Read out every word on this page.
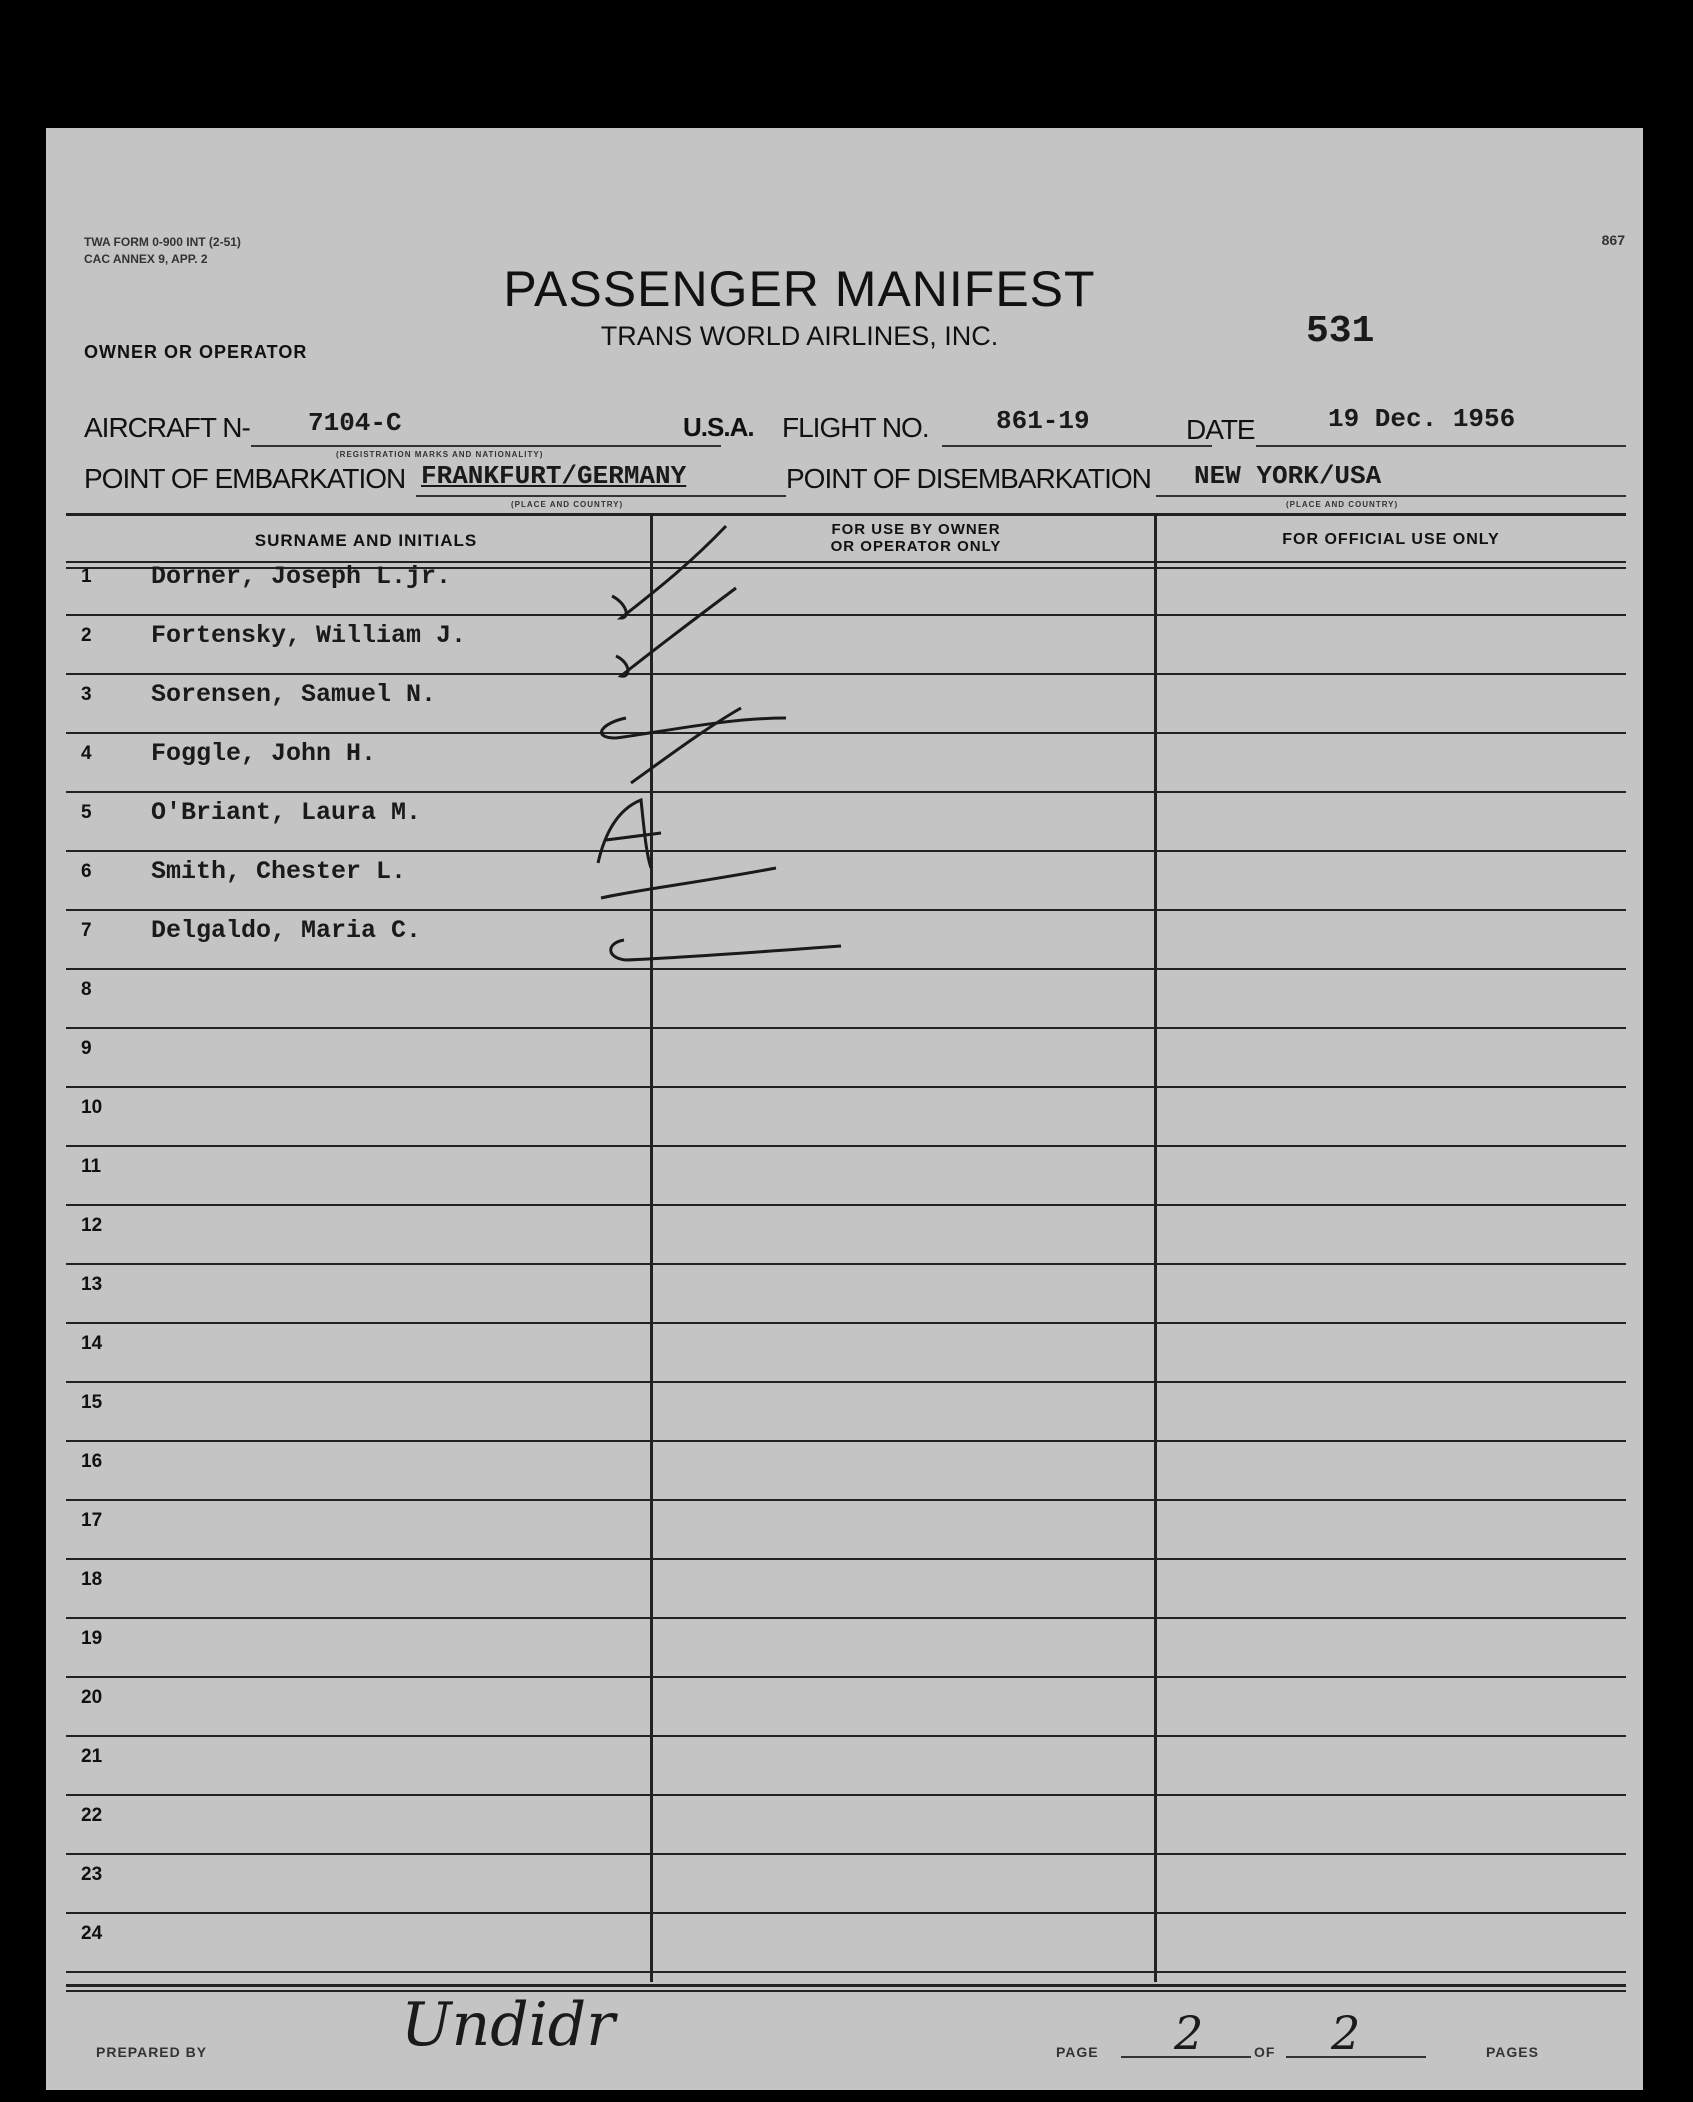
TWA FORM 0-900 INT (2-51)
CAC ANNEX 9, APP. 2
867
PASSENGER MANIFEST
TRANS WORLD AIRLINES, INC.	531
OWNER OR OPERATOR
AIRCRAFT N- 7104-C
(REGISTRATION MARKS AND NATIONALITY)
U.S.A. FLIGHT NO.	861-19	DATE	19 Dec. 1956
POINT OF EMBARKATION FRANKFURT/GERMANY
(PLACE AND COUNTRY)
POINT OF DISEMBARKATION NEW YORK/USA
(PLACE AND COUNTRY)
SURNAME AND INITIALS
FOR USE BY OWNER
OR OPERATOR ONLY	FOR OFFICIAL USE ONLY
1 Dorner, Joseph L.jr.
2 Fortensky, William J.
3 Sorensen, Samuel N.
4 Foggle, John H.
5 O'Briant, Laura M.
6 Smith, Chester L.
7 Delgaldo, Maria C.
8
9
10
11
12
13
14
15
16
17
18
19
20
21
22
23
24
PREPARED BY	Undidr	PAGE 2	OF 2	PAGES
